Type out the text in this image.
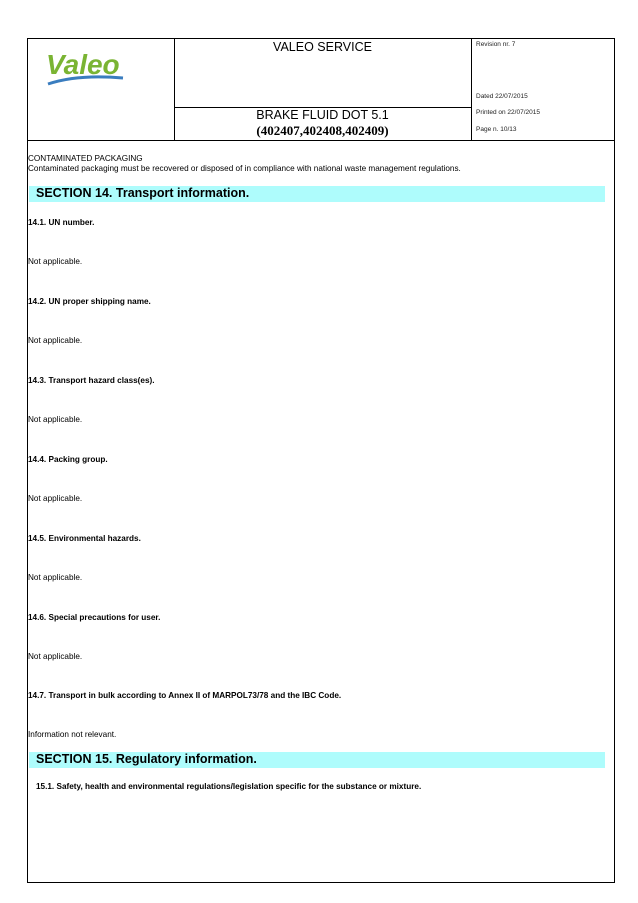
Valeo
VALEO SERVICE
BRAKE FLUID DOT 5.1
(402407,402408,402409)
Revision nr. 7
Dated 22/07/2015
Printed on 22/07/2015
Page n. 10/13
CONTAMINATED PACKAGING
Contaminated packaging must be recovered or disposed of in compliance with national waste management regulations.
SECTION 14. Transport information.
14.1. UN number.
Not applicable.
14.2. UN proper shipping name.
Not applicable.
14.3. Transport hazard class(es).
Not applicable.
14.4. Packing group.
Not applicable.
14.5. Environmental hazards.
Not applicable.
14.6. Special precautions for user.
Not applicable.
14.7. Transport in bulk according to Annex II of MARPOL73/78 and the IBC Code.
Information not relevant.
SECTION 15. Regulatory information.
15.1. Safety, health and environmental regulations/legislation specific for the substance or mixture.
